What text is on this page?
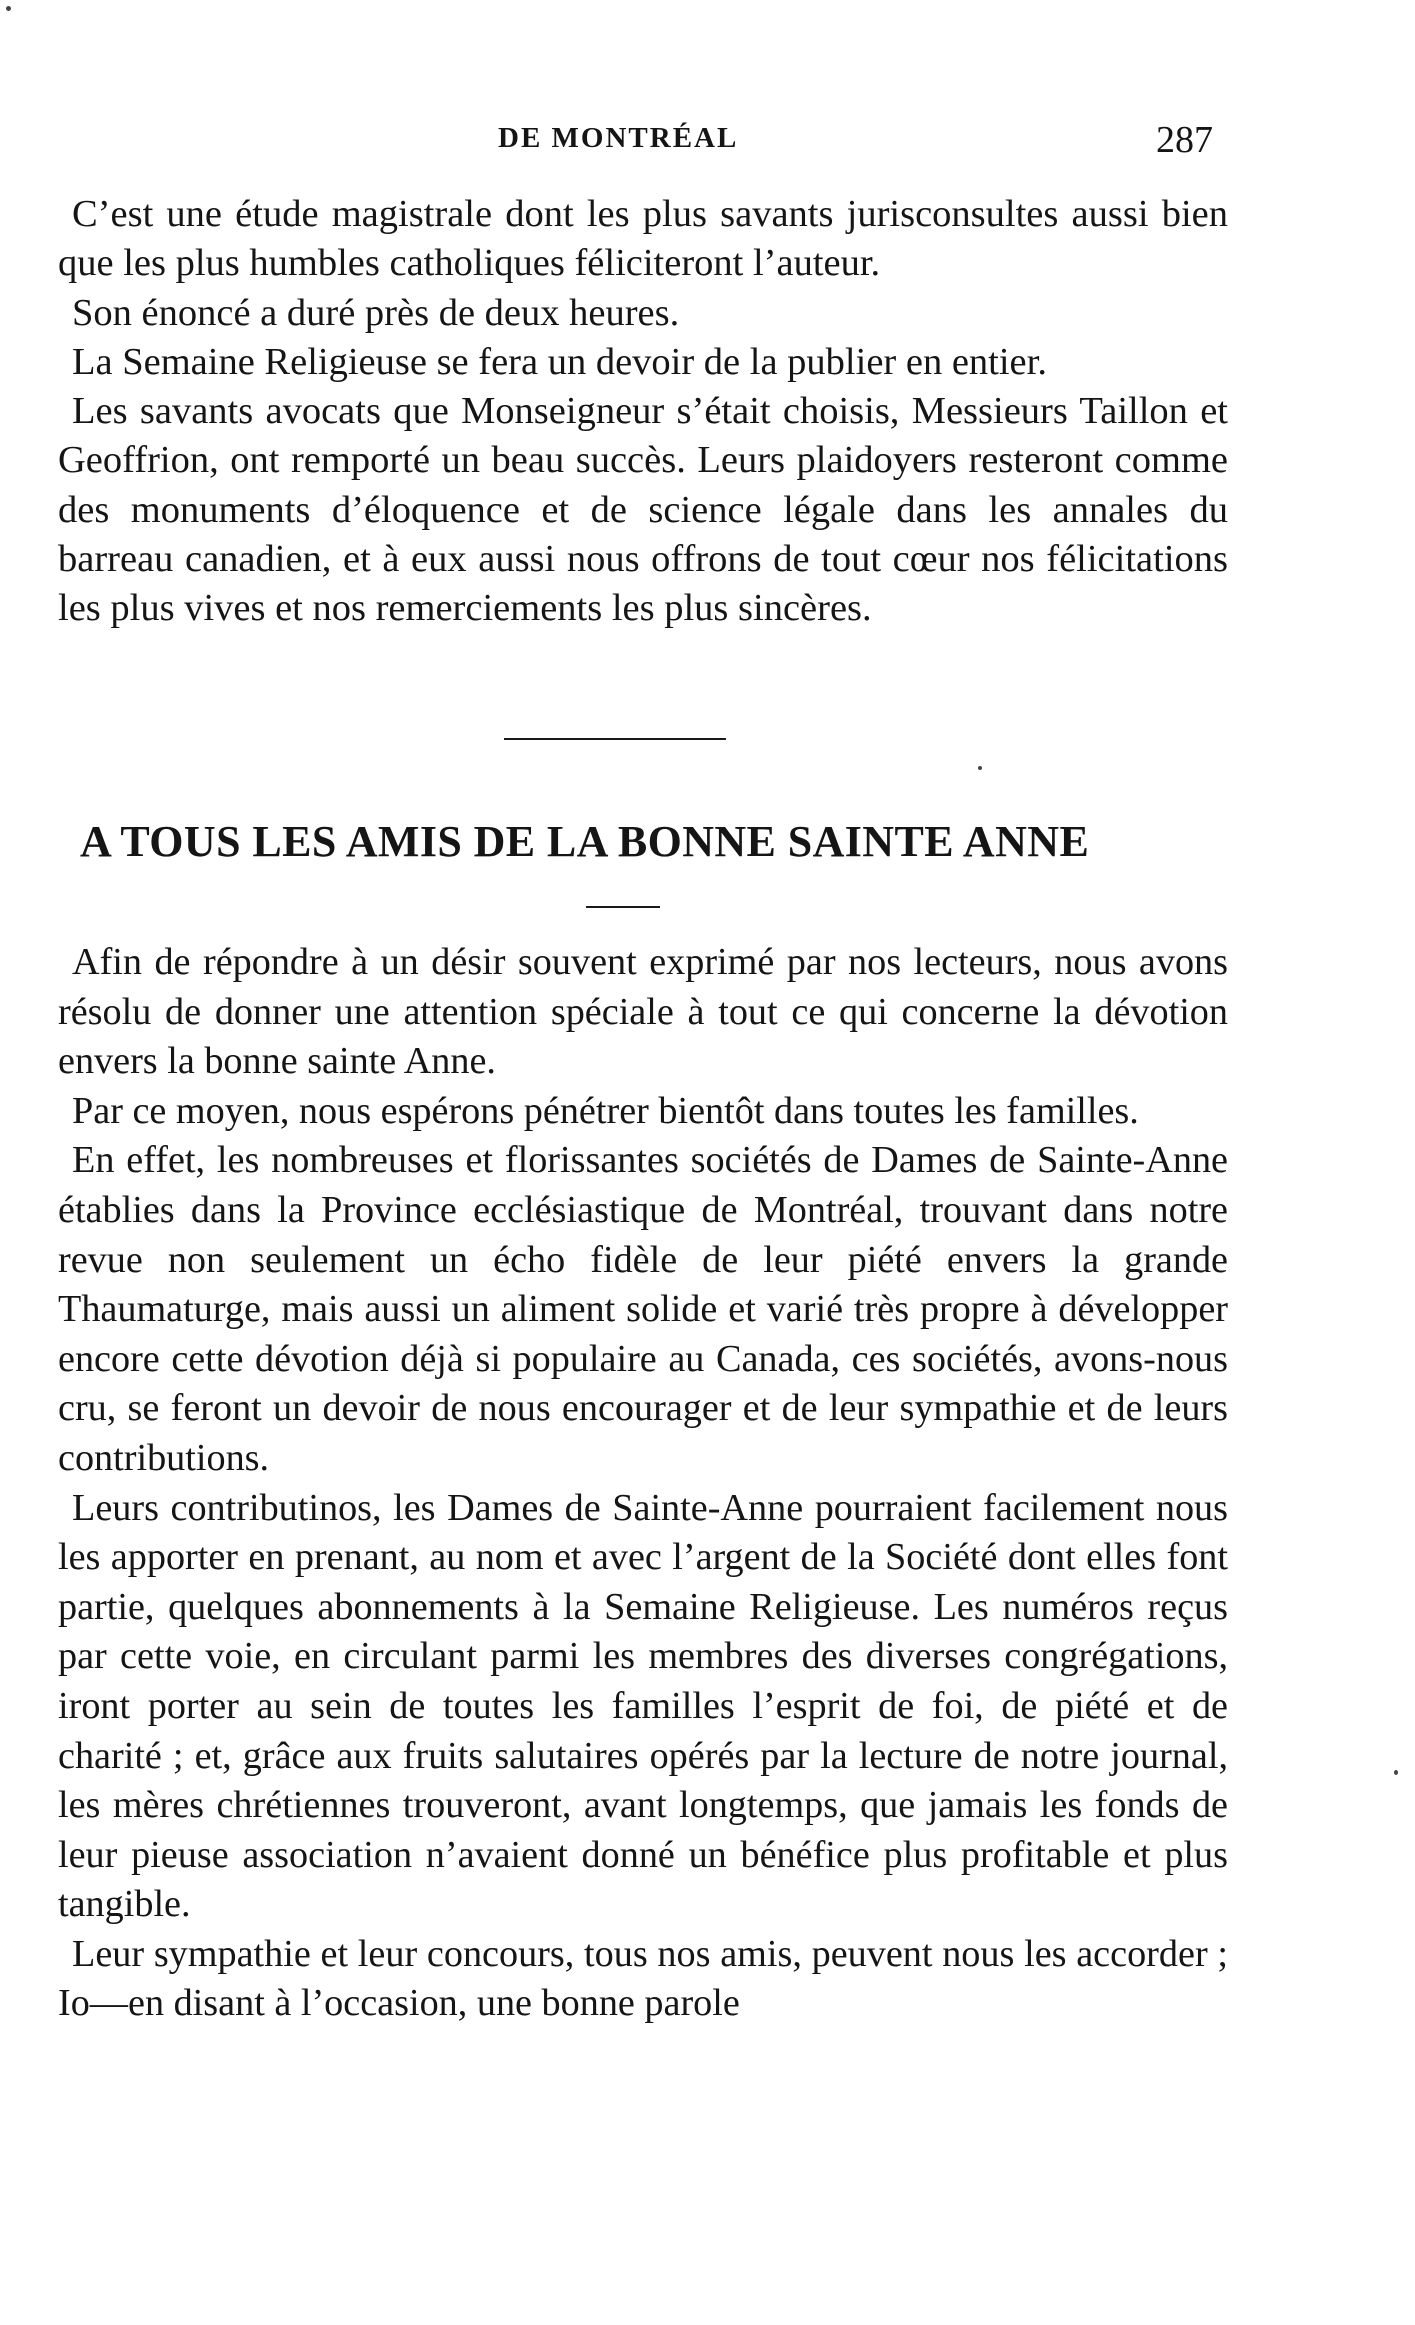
DE MONTRÉAL	287

C’est une étude magistrale dont les plus savants jurisconsultes aussi bien que les plus humbles catholiques féliciteront l’auteur.

Son énoncé a duré près de deux heures.

La Semaine Religieuse se fera un devoir de la publier en entier.

Les savants avocats que Monseigneur s’était choisis, Messieurs Taillon et Geoffrion, ont remporté un beau succès. Leurs plaidoyers resteront comme des monuments d’éloquence et de science légale dans les annales du barreau canadien, et à eux aussi nous offrons de tout cœur nos félicitations les plus vives et nos remerciements les plus sincères.

A TOUS LES AMIS DE LA BONNE SAINTE ANNE

Afin de répondre à un désir souvent exprimé par nos lecteurs, nous avons résolu de donner une attention spéciale à tout ce qui concerne la dévotion envers la bonne sainte Anne.

Par ce moyen, nous espérons pénétrer bientôt dans toutes les familles.

En effet, les nombreuses et florissantes sociétés de Dames de Sainte-Anne établies dans la Province ecclésiastique de Montréal, trouvant dans notre revue non seulement un écho fidèle de leur piété envers la grande Thaumaturge, mais aussi un aliment solide et varié très propre à développer encore cette dévotion déjà si populaire au Canada, ces sociétés, avons-nous cru, se feront un devoir de nous encourager et de leur sympathie et de leurs contributions.

Leurs contributinos, les Dames de Sainte-Anne pourraient facilement nous les apporter en prenant, au nom et avec l’argent de la Société dont elles font partie, quelques abonnements à la Semaine Religieuse. Les numéros reçus par cette voie, en circulant parmi les membres des diverses congrégations, iront porter au sein de toutes les familles l’esprit de foi, de piété et de charité ; et, grâce aux fruits salutaires opérés par la lecture de notre journal, les mères chrétiennes trouveront, avant longtemps, que jamais les fonds de leur pieuse association n’avaient donné un bénéfice plus profitable et plus tangible.

Leur sympathie et leur concours, tous nos amis, peuvent nous les accorder ; Io—en disant à l’occasion, une bonne parole
